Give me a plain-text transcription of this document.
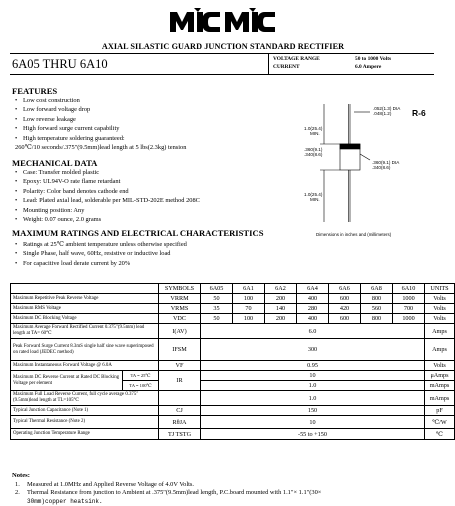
AXIAL SILASTIC GUARD JUNCTION STANDARD RECTIFIER
6A05 THRU 6A10	VOLTAGE RANGE	50 to 1000 Volts
CURRENT	6.0 Ampere
FEATURES
• Low cost construction
• Low forward voltage drop
• Low reverse leakage
• High forward surge current capability
• High temperature soldering guaranteed:
260℃/10 seconds/.375"(9.5mm)lead length at 5 lbs(2.3kg) tension
MECHANICAL DATA
• Case: Transfer molded plastic
• Epoxy: UL94V-O rate flame retardant
• Polarity: Color band denotes cathode end
• Lead: Plated axial lead, solderable per MIL-STD-202E method 208C
• Mounting position: Any
• Weight: 0.07 ounce, 2.0 grams
R-6
.052(1.3) DIA
.048(1.2)
1.0(25.4)
MIN.
.360(9.1)
.340(8.6)
.360(9.1) DIA
.340(8.6)
1.0(25.4)
MIN.
Dimensions in inches and (millimeters)
MAXIMUM RATINGS AND ELECTRICAL CHARACTERISTICS
• Ratings at 25℃ ambient temperature unless otherwise specified
• Single Phase, half wave, 60Hz, resistive or inductive load
• For capacitive load derate current by 20%
		SYMBOLS	6A05	6A1	6A2	6A4	6A6	6A8	6A10	UNITS
Maximum Repetitive Peak Reverse Voltage		VRRM	50	100	200	400	600	800	1000	Volts
Maximum RMS Voltage		VRMS	35	70	140	280	420	560	700	Volts
Maximum DC Blocking Voltage		VDC	50	100	200	400	600	800	1000	Volts
Maximum Average Forward Rectified Current 0.375"(9.5mm) lead length at TA= 60℃		I(AV)	6.0							Amps
Peak Forward Surge Current 8.3mS single half sine wave superimposed on rated load (JEDEC method)		IFSM	300							Amps
Maximum Instantaneous Forward Voltage @ 6.0A		VF	0.95							Volts
Maximum DC Reverse Current at Rated DC Blocking Voltage per element	TA = 25℃	IR	10							μAmps
	TA = 100℃		1.0							mAmps
Maximum Full Load Reverse Current, full cycle average 0.375"(9.5mm)lead length at TL=105℃			1.0							mAmps
Typical Junction Capacitance (Note 1)		CJ	150							pF
Typical Thermal Resistance (Note 2)		RθJA	10							℃/W
Operating Junction Temperature Range		TJ TSTG	-55 to +150							℃
Notes:
1. Measured at 1.0MHz and Applied Reverse Voltage of 4.0V Volts.
2. Thermal Resistance from junction to Ambient at .375"(9.5mm)lead length, P.C.board mounted with 1.1"× 1.1"(30×
30mm)copper heatsink.
